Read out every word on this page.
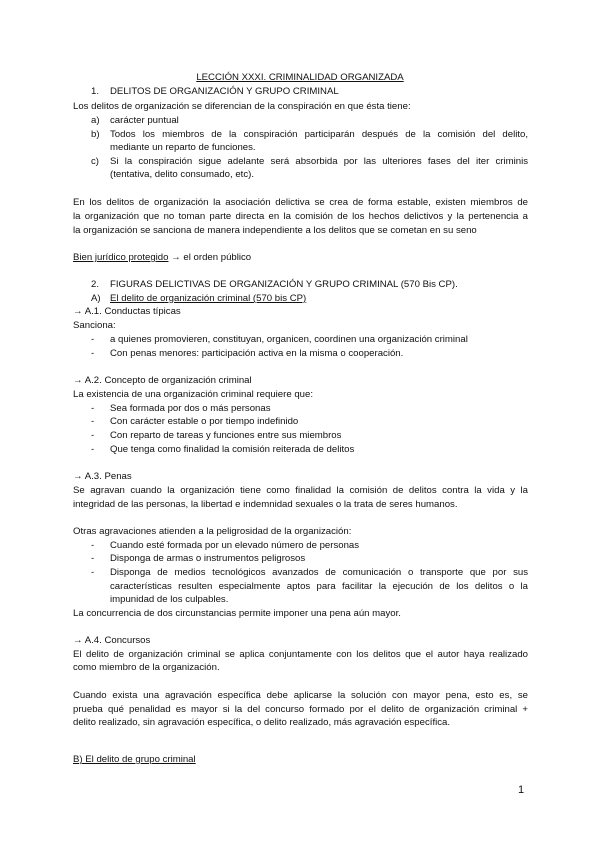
LECCIÓN XXXI. CRIMINALIDAD ORGANIZADA
1. DELITOS DE ORGANIZACIÓN Y GRUPO CRIMINAL
Los delitos de organización se diferencian de la conspiración en que ésta tiene:
a) carácter puntual
b) Todos los miembros de la conspiración participarán después de la comisión del delito,
mediante un reparto de funciones.
c) Si la conspiración sigue adelante será absorbida por las ulteriores fases del iter criminis
(tentativa, delito consumado, etc).
En los delitos de organización la asociación delictiva se crea de forma estable, existen miembros de
la organización que no toman parte directa en la comisión de los hechos delictivos y la pertenencia a
la organización se sanciona de manera independiente a los delitos que se cometan en su seno
Bien jurídico protegido → el orden público
2. FIGURAS DELICTIVAS DE ORGANIZACIÓN Y GRUPO CRIMINAL (570 Bis CP).
A) El delito de organización criminal (570 bis CP)
→ A.1. Conductas típicas
Sanciona:
- a quienes promovieren, constituyan, organicen, coordinen una organización criminal
- Con penas menores: participación activa en la misma o cooperación.
→ A.2. Concepto de organización criminal
La existencia de una organización criminal requiere que:
- Sea formada por dos o más personas
- Con carácter estable o por tiempo indefinido
- Con reparto de tareas y funciones entre sus miembros
- Que tenga como finalidad la comisión reiterada de delitos
→ A.3. Penas
Se agravan cuando la organización tiene como finalidad la comisión de delitos contra la vida y la
integridad de las personas, la libertad e indemnidad sexuales o la trata de seres humanos.
Otras agravaciones atienden a la peligrosidad de la organización:
- Cuando esté formada por un elevado número de personas
- Disponga de armas o instrumentos peligrosos
- Disponga de medios tecnológicos avanzados de comunicación o transporte que por sus
características resulten especialmente aptos para facilitar la ejecución de los delitos o la
impunidad de los culpables.
La concurrencia de dos circunstancias permite imponer una pena aún mayor.
→ A.4. Concursos
El delito de organización criminal se aplica conjuntamente con los delitos que el autor haya realizado
como miembro de la organización.
Cuando exista una agravación específica debe aplicarse la solución con mayor pena, esto es, se
prueba qué penalidad es mayor si la del concurso formado por el delito de organización criminal +
delito realizado, sin agravación específica, o delito realizado, más agravación específica.
B) El delito de grupo criminal
1
